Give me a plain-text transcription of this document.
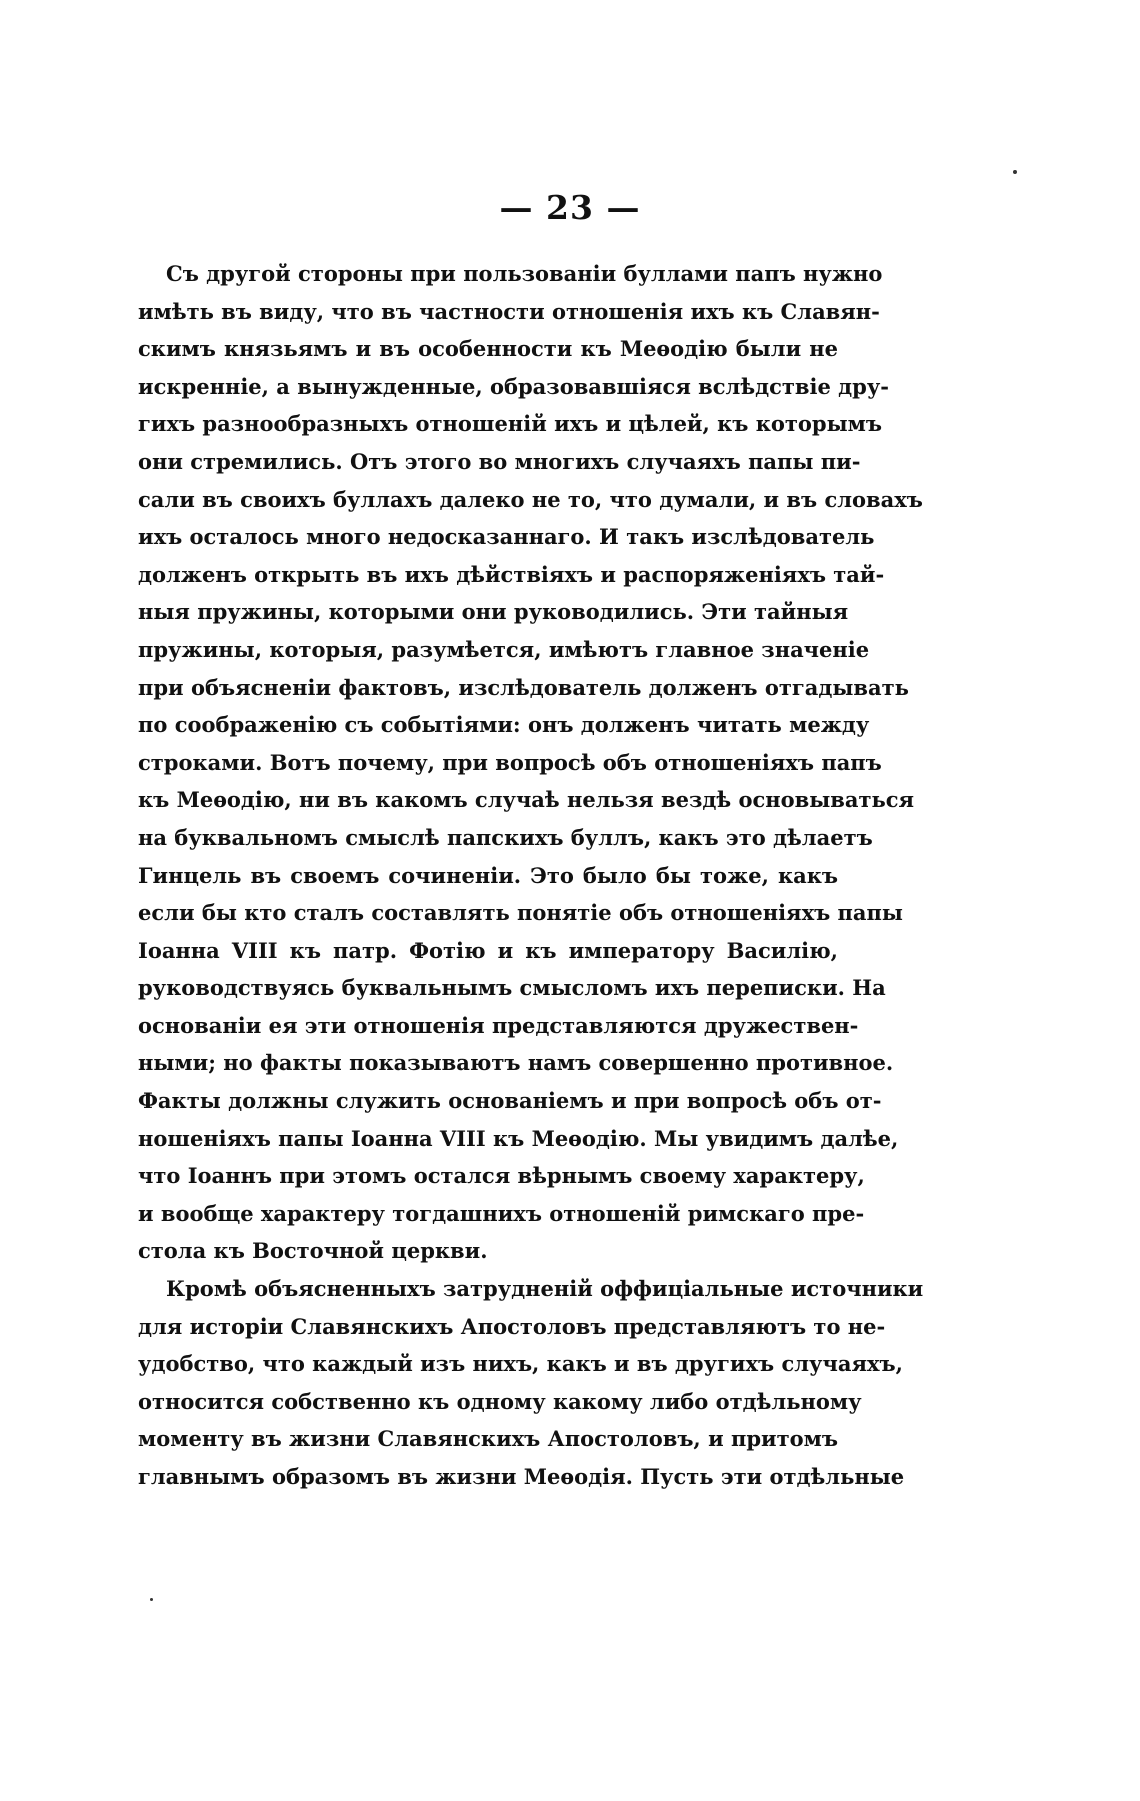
— 23 —
Съ другой стороны при пользованіи буллами папъ нужно
имѣть въ виду, что въ частности отношенія ихъ къ Славян-
скимъ князьямъ и въ особенности къ Меѳодію были не
искренніе, а вынужденные, образовавшіяся вслѣдствіе дру-
гихъ разнообразныхъ отношеній ихъ и цѣлей, къ которымъ
они стремились. Отъ этого во многихъ случаяхъ папы пи-
сали въ своихъ буллахъ далеко не то, что думали, и въ словахъ
ихъ осталось много недосказаннаго. И такъ изслѣдователь
долженъ открыть въ ихъ дѣйствіяхъ и распоряженіяхъ тай-
ныя пружины, которыми они руководились. Эти тайныя
пружины, которыя, разумѣется, имѣютъ главное значеніе
при объясненіи фактовъ, изслѣдователь долженъ отгадывать
по соображенію съ событіями: онъ долженъ читать между
строками. Вотъ почему, при вопросѣ объ отношеніяхъ папъ
къ Меѳодію, ни въ какомъ случаѣ нельзя вездѣ основываться
на буквальномъ смыслѣ папскихъ буллъ, какъ это дѣлаетъ
Гинцель въ своемъ сочиненіи. Это было бы тоже, какъ
если бы кто сталъ составлять понятіе объ отношеніяхъ папы
Іоанна VIII къ патр. Фотію и къ императору Василію,
руководствуясь буквальнымъ смысломъ ихъ переписки. На
основаніи ея эти отношенія представляются дружествен-
ными; но факты показываютъ намъ совершенно противное.
Факты должны служить основаніемъ и при вопросѣ объ от-
ношеніяхъ папы Іоанна VIII къ Меѳодію. Мы увидимъ далѣе,
что Іоаннъ при этомъ остался вѣрнымъ своему характеру,
и вообще характеру тогдашнихъ отношеній римскаго пре-
стола къ Восточной церкви.
Кромѣ объясненныхъ затрудненій оффиціальные источники
для исторіи Славянскихъ Апостоловъ представляютъ то не-
удобство, что каждый изъ нихъ, какъ и въ другихъ случаяхъ,
относится собственно къ одному какому либо отдѣльному
моменту въ жизни Славянскихъ Апостоловъ, и притомъ
главнымъ образомъ въ жизни Меѳодія. Пусть эти отдѣльные
